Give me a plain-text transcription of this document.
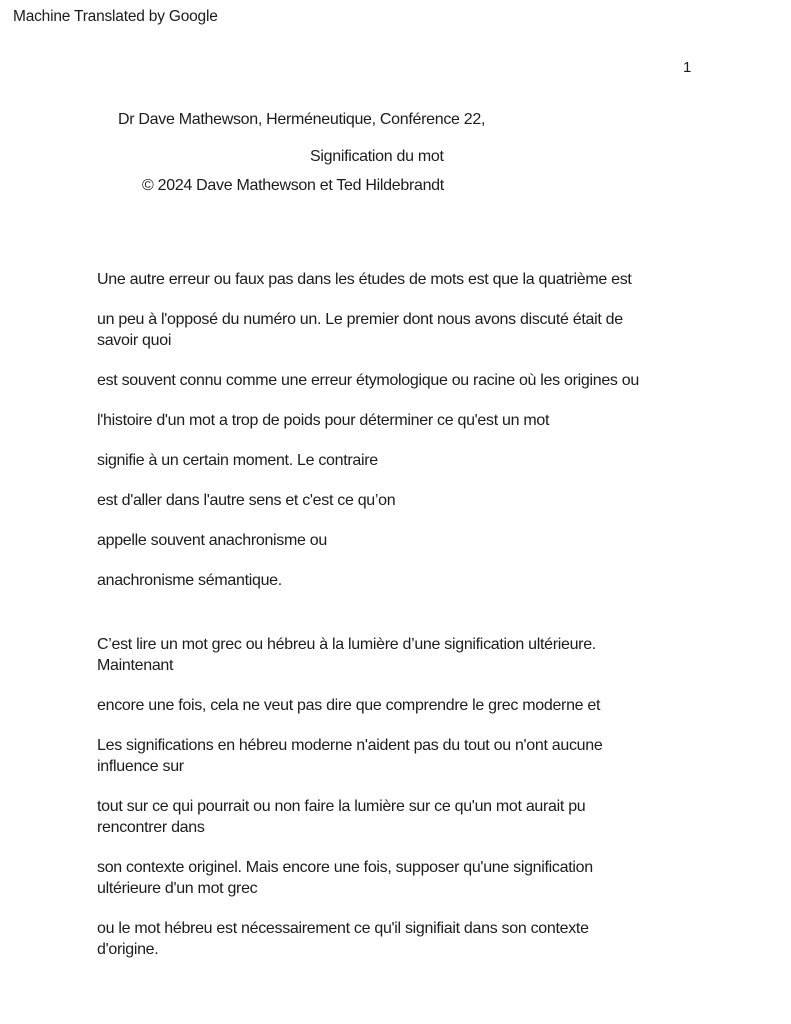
Machine Translated by Google
1
Dr Dave Mathewson, Herméneutique, Conférence 22,
Signification du mot
© 2024 Dave Mathewson et Ted Hildebrandt
Une autre erreur ou faux pas dans les études de mots est que la quatrième est
un peu à l'opposé du numéro un. Le premier dont nous avons discuté était de
savoir quoi
est souvent connu comme une erreur étymologique ou racine où les origines ou
l'histoire d'un mot a trop de poids pour déterminer ce qu'est un mot
signifie à un certain moment. Le contraire
est d'aller dans l'autre sens et c'est ce qu’on
appelle souvent anachronisme ou
anachronisme sémantique.
C’est lire un mot grec ou hébreu à la lumière d’une signification ultérieure.
Maintenant
encore une fois, cela ne veut pas dire que comprendre le grec moderne et
Les significations en hébreu moderne n'aident pas du tout ou n'ont aucune
influence sur
tout sur ce qui pourrait ou non faire la lumière sur ce qu'un mot aurait pu
rencontrer dans
son contexte originel. Mais encore une fois, supposer qu'une signification
ultérieure d'un mot grec
ou le mot hébreu est nécessairement ce qu'il signifiait dans son contexte
d'origine.
